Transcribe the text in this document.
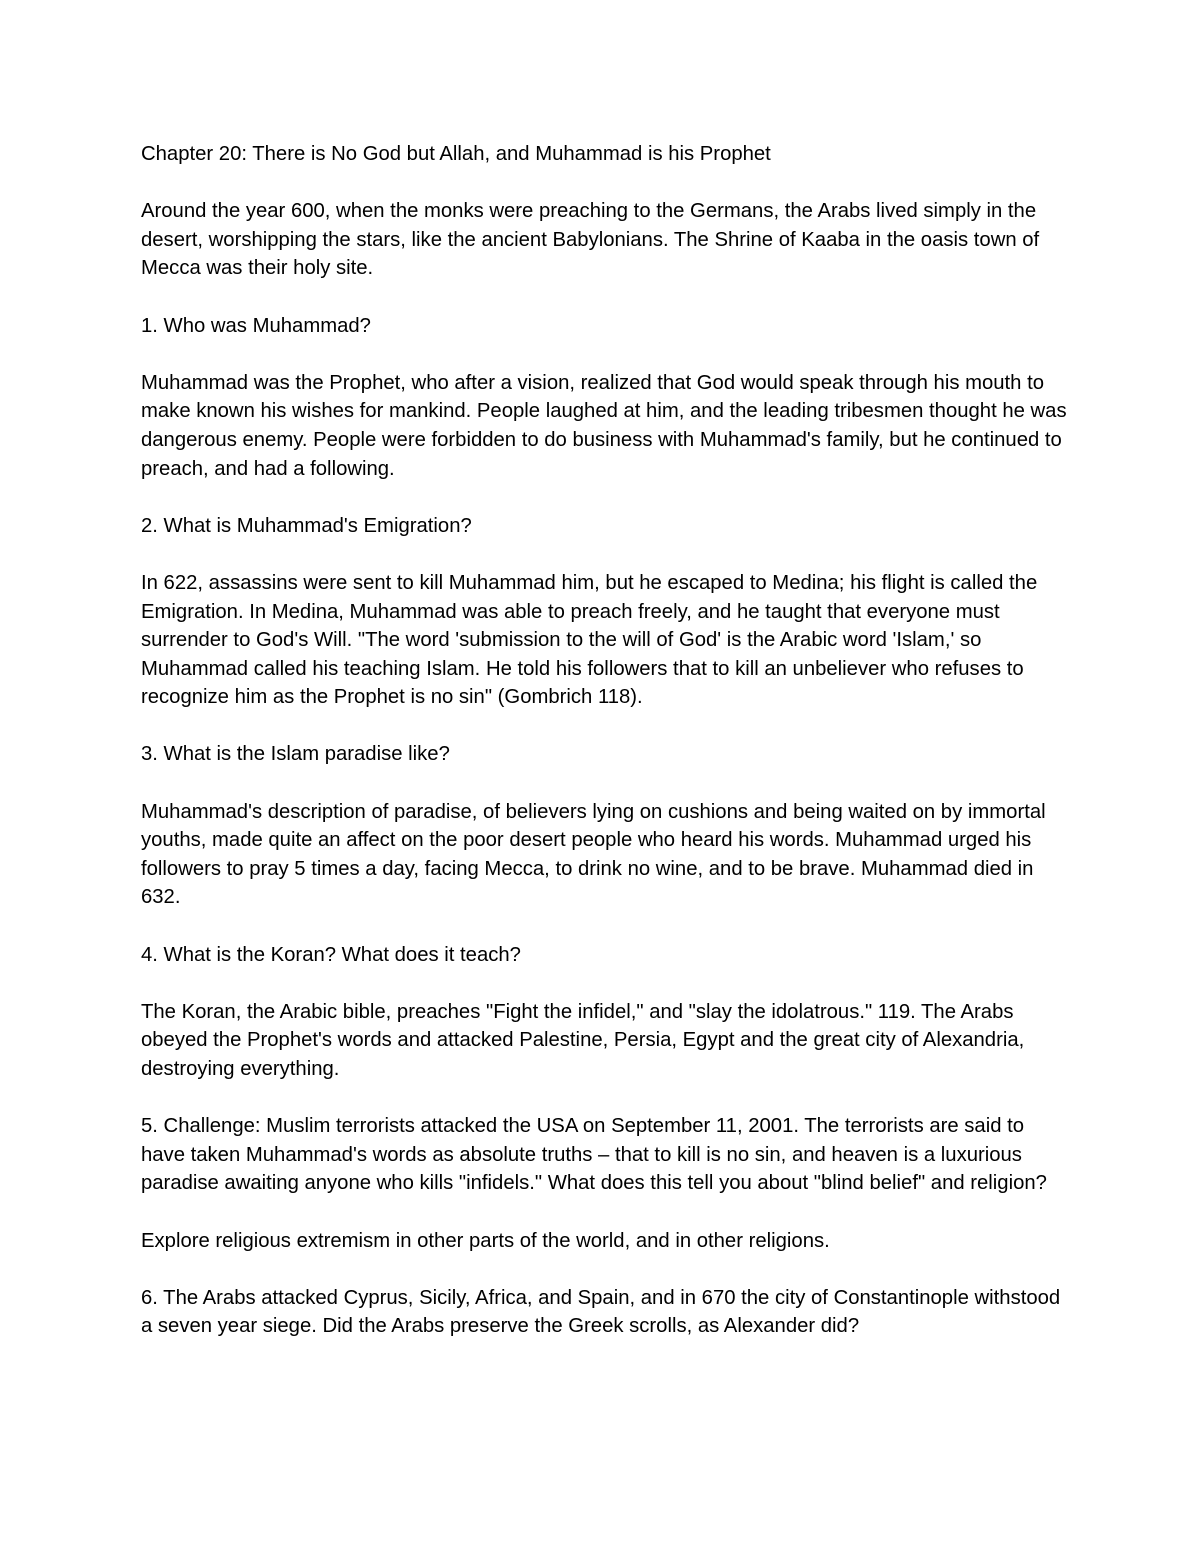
Chapter 20: There is No God but Allah, and Muhammad is his Prophet

Around the year 600, when the monks were preaching to the Germans, the Arabs lived simply in the desert, worshipping the stars, like the ancient Babylonians. The Shrine of Kaaba in the oasis town of Mecca was their holy site.

1. Who was Muhammad?

Muhammad was the Prophet, who after a vision, realized that God would speak through his mouth to make known his wishes for mankind. People laughed at him, and the leading tribesmen thought he was dangerous enemy. People were forbidden to do business with Muhammad's family, but he continued to preach, and had a following.

2. What is Muhammad's Emigration?

In 622, assassins were sent to kill Muhammad him, but he escaped to Medina; his flight is called the Emigration. In Medina, Muhammad was able to preach freely, and he taught that everyone must surrender to God's Will. "The word 'submission to the will of God' is the Arabic word 'Islam,' so Muhammad called his teaching Islam. He told his followers that to kill an unbeliever who refuses to recognize him as the Prophet is no sin" (Gombrich 118).

3. What is the Islam paradise like?

Muhammad's description of paradise, of believers lying on cushions and being waited on by immortal youths, made quite an affect on the poor desert people who heard his words. Muhammad urged his followers to pray 5 times a day, facing Mecca, to drink no wine, and to be brave. Muhammad died in 632.

4. What is the Koran? What does it teach?

The Koran, the Arabic bible, preaches "Fight the infidel," and "slay the idolatrous." 119. The Arabs obeyed the Prophet's words and attacked Palestine, Persia, Egypt and the great city of Alexandria, destroying everything.

5. Challenge: Muslim terrorists attacked the USA on September 11, 2001. The terrorists are said to have taken Muhammad's words as absolute truths – that to kill is no sin, and heaven is a luxurious paradise awaiting anyone who kills "infidels." What does this tell you about "blind belief" and religion?

Explore religious extremism in other parts of the world, and in other religions.

6. The Arabs attacked Cyprus, Sicily, Africa, and Spain, and in 670 the city of Constantinople withstood a seven year siege. Did the Arabs preserve the Greek scrolls, as Alexander did?
